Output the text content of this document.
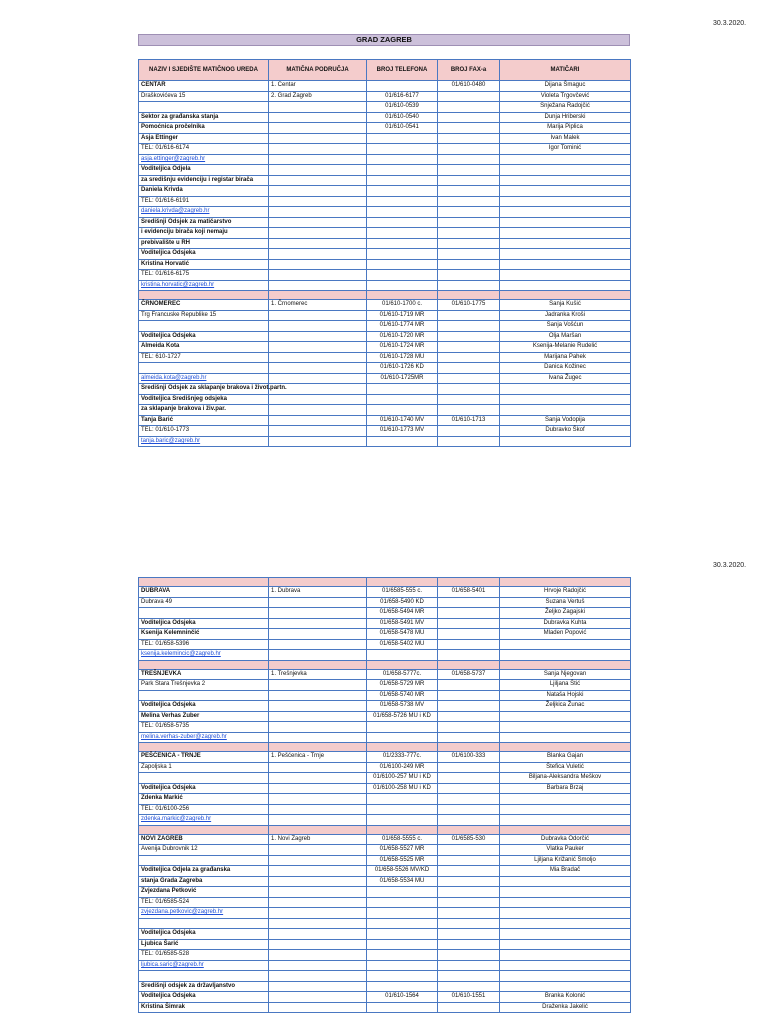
30.3.2020.
GRAD ZAGREB
NAZIV I SJEDIŠTE MATIČNOG UREDA	MATIČNA PODRUČJA	BROJ TELEFONA	BROJ FAX-a	MATIČARI
CENTAR	1. Centar		01/610-0480	Dijana Šmaguc
Draškovićeva 15	2. Grad Zagreb	01/616-6177		Violeta Trgovčević
		01/610-0539		Snježana Radojčić
Sektor za građanska stanja		01/610-0540		Dunja Hriberski
Pomoćnica pročelnika		01/610-0541		Marija Piplica
Asja Ettinger				Ivan Malek
TEL: 01/616-6174				Igor Tominić
asja.ettinger@zagreb.hr				
Voditeljica Odjela				
za središnju evidenciju i registar birača				
Daniela Krivda				
TEL: 01/616-6191				
daniela.krivda@zagreb.hr				
Središnji Odsjek za matičarstvo				
i evidenciju birača koji nemaju				
prebivalište u RH				
Voditeljica Odsjeka				
Kristina Horvatić				
TEL: 01/616-6175				
kristina.horvatic@zagreb.hr				

ČRNOMEREC	1. Črnomerec	01/610-1700 c.	01/610-1775	Sanja Kušić
Trg Francuske Republike 15		01/610-1719 MR		Jadranka Kroši
		01/610-1774 MR		Sanja Vošćun
Voditeljica Odsjeka		01/610-1720 MR		Olja Maršan
Almeida Kota		01/610-1724 MR		Ksenija-Melanie Rudelić
TEL: 610-1727		01/610-1728 MU		Marijana Pahek
		01/610-1726 KD		Danica Kožinec
almeida.kota@zagreb.hr		01/610-1725MR		Ivana Žugec
Središnji Odsjek za sklapanje brakova i život.partn.				
Voditeljica Središnjeg odsjeka				
za sklapanje brakova i živ.par.				
Tanja Barić		01/610-1740 MV	01/610-1713	Sanja Vodopija
TEL: 01/610-1773		01/610-1773 MV		Dubravko Škof
tanja.baric@zagreb.hr				
30.3.2020.

DUBRAVA	1. Dubrava	01/6585-555 c.	01/658-5401	Hrvoje Radojčić
Dubrava 49		01/658-5490 KD		Suzana Vertuš
		01/658-5494 MR		Željko Zagajski
Voditeljica Odsjeka		01/658-5491 MV		Dubravka Kuhta
Ksenija Kelemninčić		01/658-5478 MU		Mladen Popović
TEL: 01/658-5396		01/658-5402 MU		
ksenija.kelemincic@zagreb.hr				

TREŠNJEVKA	1. Trešnjevka	01/658-5777c.	01/658-5737	Sanja Njegovan
Park Stara Trešnjevka 2		01/658-5729 MR		Ljiljana Štić
		01/658-5740 MR		Nataša Hojski
Voditeljica Odsjeka		01/658-5738 MV		Željkica Žunac
Melina Verhas Zuber		01/658-5726 MU i KD		
TEL: 01/658-5735				
melina.verhas-zuber@zagreb.hr				

PEŠĆENICA - TRNJE	1. Pešćenica - Trnje	01/2333-777c.	01/6100-333	Blanka Gajan
Zapoljska 1		01/6100-249 MR		Štefica Vuletić
		01/6100-257 MU i KD		Biljana-Aleksandra Meškov
Voditeljica Odsjeka		01/6100-258 MU i KD		Barbara Brzaj
Zdenka Markić				
TEL: 01/6100-256				
zdenka.markic@zagreb.hr				

NOVI ZAGREB	1. Novi Zagreb	01/658-5555 c.	01/6585-530	Dubravka Odorčić
Avenija Dubrovnik 12		01/658-5527 MR		Vlatka Pauker
		01/658-5525 MR		Ljiljana Križanić Smoljo
Voditeljica Odjela za građanska		01/658-5526 MV/KD		Mia Bradač
stanja Grada Zagreba		01/658-5534 MU		
Zvjezdana Petković				
TEL: 01/6585-524				
zvjezdana.petkovic@zagreb.hr				

Voditeljica Odsjeka				
Ljubica Šarić				
TEL: 01/6585-528				
ljubica.saric@zagreb.hr				

Središnji odsjek za državljanstvo				
Voditeljica Odsjeka		01/610-1564	01/610-1551	Branka Kolonić
Kristina Šimrak				Draženka Jakelić
